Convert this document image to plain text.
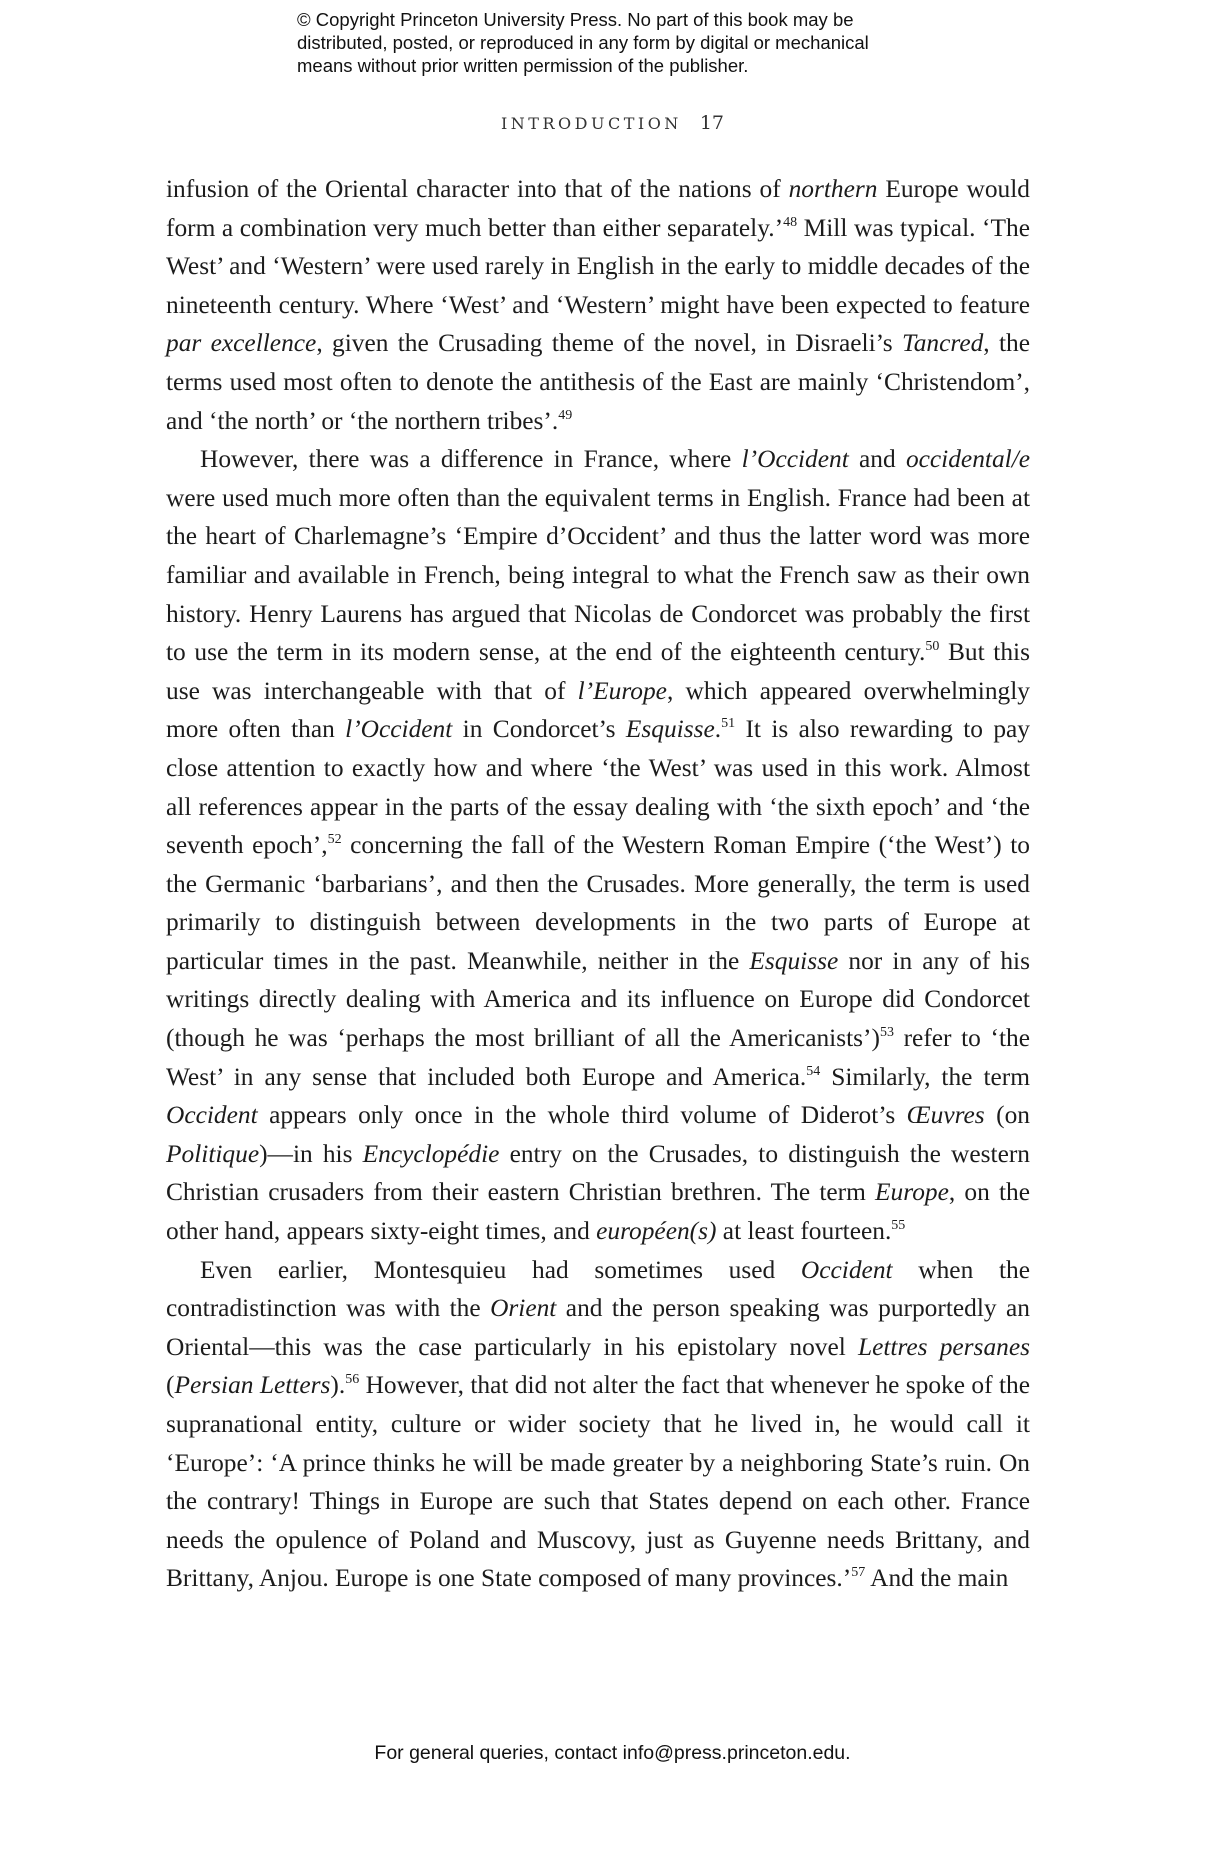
© Copyright Princeton University Press. No part of this book may be
distributed, posted, or reproduced in any form by digital or mechanical
means without prior written permission of the publisher.
INTRODUCTION 17

infusion of the Oriental character into that of the nations of northern Europe would form a combination very much better than either separately.’$^{48}$ Mill was typical. ‘The West’ and ‘Western’ were used rarely in English in the early to middle decades of the nineteenth century. Where ‘West’ and ‘Western’ might have been expected to feature par excellence, given the Crusading theme of the novel, in Disraeli’s Tancred, the terms used most often to denote the antithesis of the East are mainly ‘Christendom’, and ‘the north’ or ‘the northern tribes’.$^{49}$

However, there was a difference in France, where l’Occident and occidental/e were used much more often than the equivalent terms in English. France had been at the heart of Charlemagne’s ‘Empire d’Occident’ and thus the latter word was more familiar and available in French, being integral to what the French saw as their own history. Henry Laurens has argued that Nicolas de Condorcet was probably the first to use the term in its modern sense, at the end of the eighteenth century.$^{50}$ But this use was interchangeable with that of l’Europe, which appeared overwhelmingly more often than l’Occident in Condorcet’s Esquisse.$^{51}$ It is also rewarding to pay close attention to exactly how and where ‘the West’ was used in this work. Almost all references appear in the parts of the essay dealing with ‘the sixth epoch’ and ‘the seventh epoch’,$^{52}$ concerning the fall of the Western Roman Empire (‘the West’) to the Germanic ‘barbarians’, and then the Crusades. More generally, the term is used primarily to distinguish between developments in the two parts of Europe at particular times in the past. Meanwhile, neither in the Esquisse nor in any of his writings directly dealing with America and its influence on Europe did Condorcet (though he was ‘perhaps the most brilliant of all the Americanists’)$^{53}$ refer to ‘the West’ in any sense that included both Europe and America.$^{54}$ Similarly, the term Occident appears only once in the whole third volume of Diderot’s Œuvres (on Politique)—in his Encyclopédie entry on the Crusades, to distinguish the western Christian crusaders from their eastern Christian brethren. The term Europe, on the other hand, appears sixty-eight times, and européen(s) at least fourteen.$^{55}$

Even earlier, Montesquieu had sometimes used Occident when the contradistinction was with the Orient and the person speaking was purportedly an Oriental—this was the case particularly in his epistolary novel Lettres persanes (Persian Letters).$^{56}$ However, that did not alter the fact that whenever he spoke of the supranational entity, culture or wider society that he lived in, he would call it ‘Europe’: ‘A prince thinks he will be made greater by a neighboring State’s ruin. On the contrary! Things in Europe are such that States depend on each other. France needs the opulence of Poland and Muscovy, just as Guyenne needs Brittany, and Brittany, Anjou. Europe is one State composed of many provinces.’$^{57}$ And the main

For general queries, contact info@press.princeton.edu.
